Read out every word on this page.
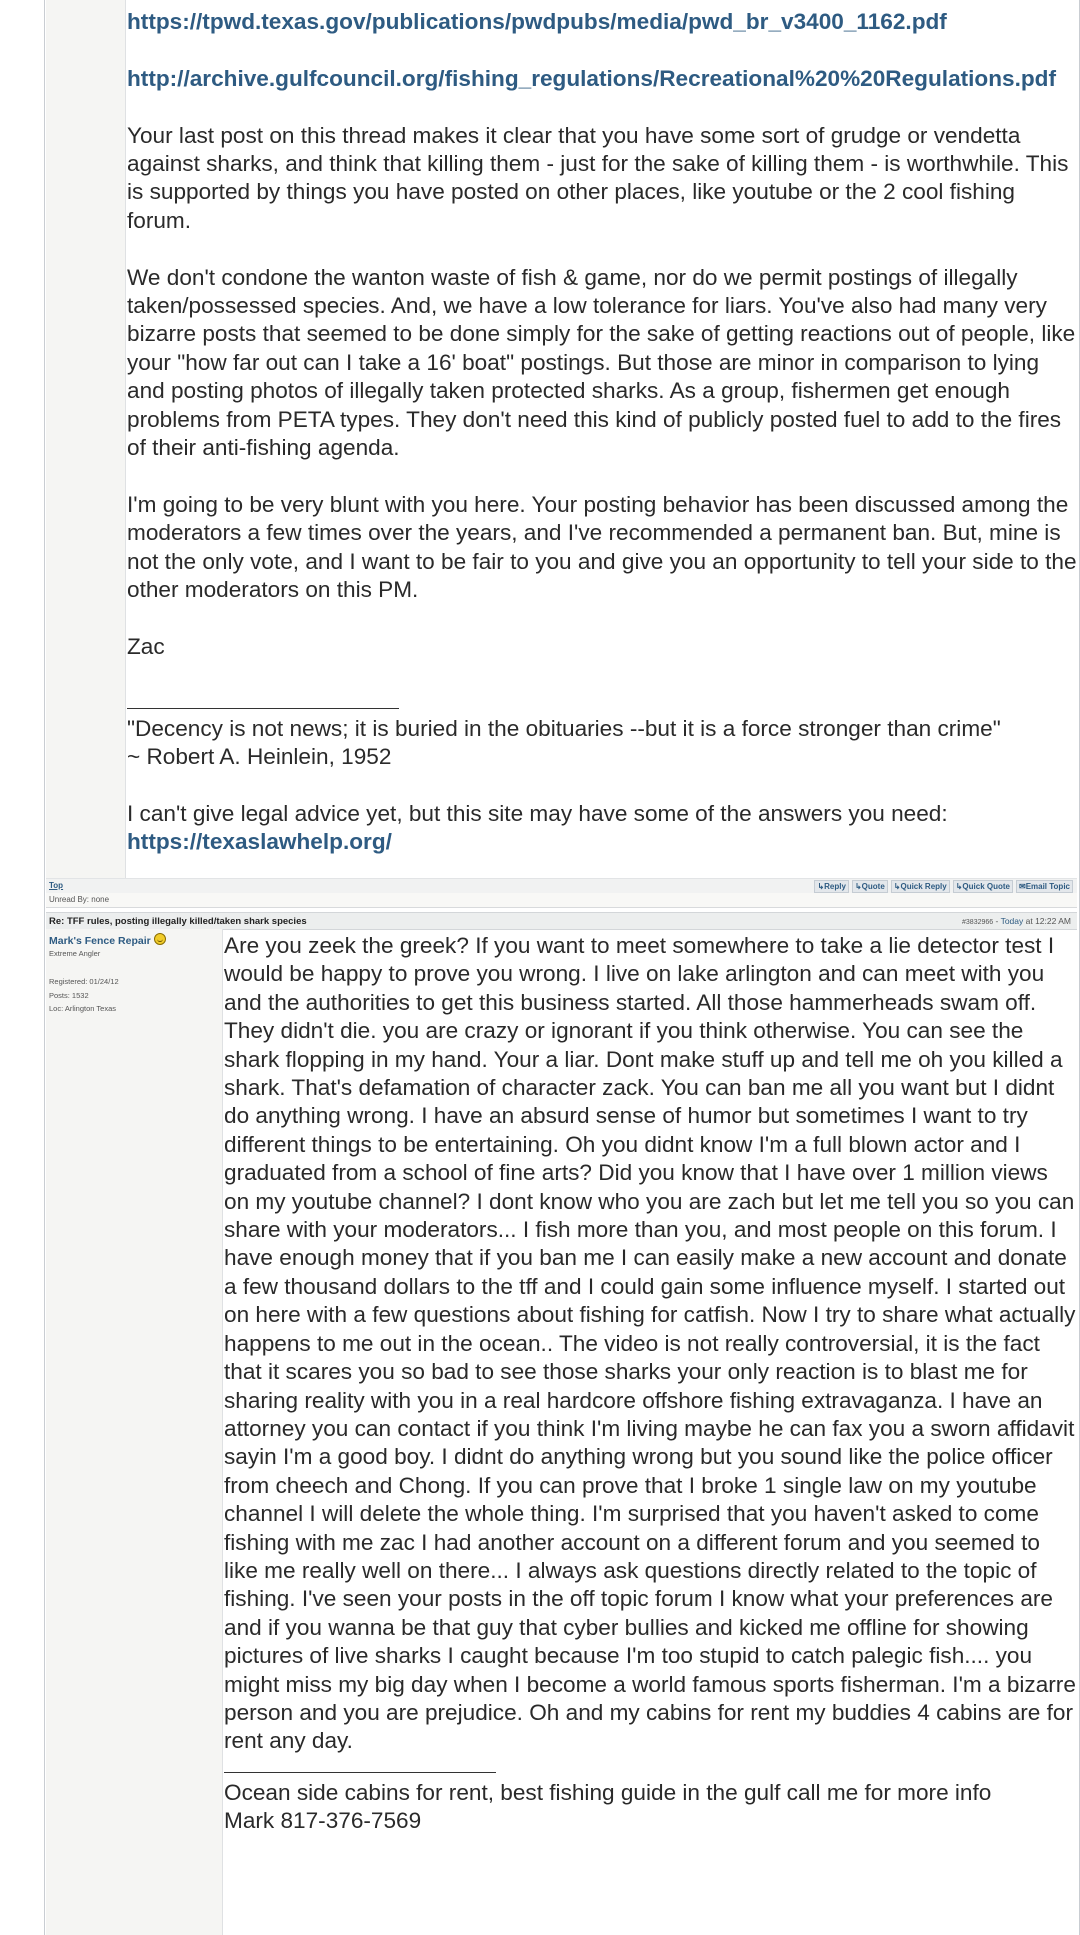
https://tpwd.texas.gov/publications/pwdpubs/media/pwd_br_v3400_1162.pdf
http://archive.gulfcouncil.org/fishing_regulations/Recreational%20%20Regulations.pdf
Your last post on this thread makes it clear that you have some sort of grudge or vendetta against sharks, and think that killing them - just for the sake of killing them - is worthwhile. This is supported by things you have posted on other places, like youtube or the 2 cool fishing forum.
We don't condone the wanton waste of fish & game, nor do we permit postings of illegally taken/possessed species. And, we have a low tolerance for liars. You've also had many very bizarre posts that seemed to be done simply for the sake of getting reactions out of people, like your "how far out can I take a 16' boat" postings. But those are minor in comparison to lying and posting photos of illegally taken protected sharks. As a group, fishermen get enough problems from PETA types. They don't need this kind of publicly posted fuel to add to the fires of their anti-fishing agenda.
I'm going to be very blunt with you here. Your posting behavior has been discussed among the moderators a few times over the years, and I've recommended a permanent ban. But, mine is not the only vote, and I want to be fair to you and give you an opportunity to tell your side to the other moderators on this PM.
Zac
"Decency is not news; it is buried in the obituaries --but it is a force stronger than crime"
~ Robert A. Heinlein, 1952
I can't give legal advice yet, but this site may have some of the answers you need:
https://texaslawhelp.org/
Top	↳Reply	↳Quote	↳Quick Reply	↳Quick Quote	✉Email Topic
Unread By: none
Re: TFF rules, posting illegally killed/taken shark species	#3832966 - Today at 12:22 AM
Mark's Fence Repair
Extreme Angler
Registered: 01/24/12
Posts: 1532
Loc: Arlington Texas
Are you zeek the greek? If you want to meet somewhere to take a lie detector test I would be happy to prove you wrong. I live on lake arlington and can meet with you and the authorities to get this business started. All those hammerheads swam off. They didn't die. you are crazy or ignorant if you think otherwise. You can see the shark flopping in my hand. Your a liar. Dont make stuff up and tell me oh you killed a shark. That's defamation of character zack. You can ban me all you want but I didnt do anything wrong. I have an absurd sense of humor but sometimes I want to try different things to be entertaining. Oh you didnt know I'm a full blown actor and I graduated from a school of fine arts? Did you know that I have over 1 million views on my youtube channel? I dont know who you are zach but let me tell you so you can share with your moderators... I fish more than you, and most people on this forum. I have enough money that if you ban me I can easily make a new account and donate a few thousand dollars to the tff and I could gain some influence myself. I started out on here with a few questions about fishing for catfish. Now I try to share what actually happens to me out in the ocean.. The video is not really controversial, it is the fact that it scares you so bad to see those sharks your only reaction is to blast me for sharing reality with you in a real hardcore offshore fishing extravaganza. I have an attorney you can contact if you think I'm living maybe he can fax you a sworn affidavit sayin I'm a good boy. I didnt do anything wrong but you sound like the police officer from cheech and Chong. If you can prove that I broke 1 single law on my youtube channel I will delete the whole thing. I'm surprised that you haven't asked to come fishing with me zac I had another account on a different forum and you seemed to like me really well on there... I always ask questions directly related to the topic of fishing. I've seen your posts in the off topic forum I know what your preferences are and if you wanna be that guy that cyber bullies and kicked me offline for showing pictures of live sharks I caught because I'm too stupid to catch palegic fish.... you might miss my big day when I become a world famous sports fisherman. I'm a bizarre person and you are prejudice. Oh and my cabins for rent my buddies 4 cabins are for rent any day.
Ocean side cabins for rent, best fishing guide in the gulf call me for more info
Mark 817-376-7569
